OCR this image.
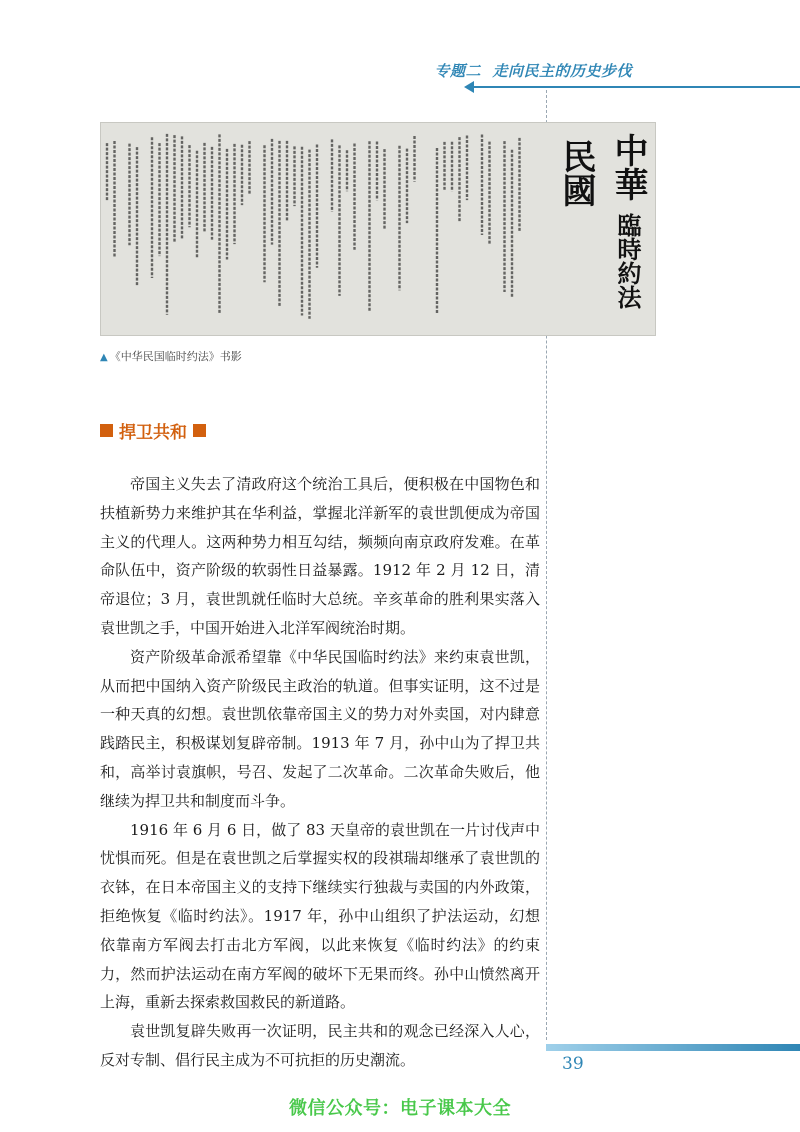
专题二 走向民主的历史步伐
中華
民國
臨時約法
▲ 《中华民国临时约法》书影
捍卫共和

帝国主义失去了清政府这个统治工具后，便积极在中国物色和扶植新势力来维护其在华利益，掌握北洋新军的袁世凯便成为帝国主义的代理人。这两种势力相互勾结，频频向南京政府发难。在革命队伍中，资产阶级的软弱性日益暴露。1912 年 2 月 12 日，清帝退位；3 月，袁世凯就任临时大总统。辛亥革命的胜利果实落入袁世凯之手，中国开始进入北洋军阀统治时期。

资产阶级革命派希望靠《中华民国临时约法》来约束袁世凯，从而把中国纳入资产阶级民主政治的轨道。但事实证明，这不过是一种天真的幻想。袁世凯依靠帝国主义的势力对外卖国，对内肆意践踏民主，积极谋划复辟帝制。1913 年 7 月，孙中山为了捍卫共和，高举讨袁旗帜，号召、发起了二次革命。二次革命失败后，他继续为捍卫共和制度而斗争。

1916 年 6 月 6 日，做了 83 天皇帝的袁世凯在一片讨伐声中忧惧而死。但是在袁世凯之后掌握实权的段祺瑞却继承了袁世凯的衣钵，在日本帝国主义的支持下继续实行独裁与卖国的内外政策，拒绝恢复《临时约法》。1917 年，孙中山组织了护法运动，幻想依靠南方军阀去打击北方军阀，以此来恢复《临时约法》的约束力，然而护法运动在南方军阀的破坏下无果而终。孙中山愤然离开上海，重新去探索救国救民的新道路。

袁世凯复辟失败再一次证明，民主共和的观念已经深入人心，反对专制、倡行民主成为不可抗拒的历史潮流。	39
微信公众号：电子课本大全
